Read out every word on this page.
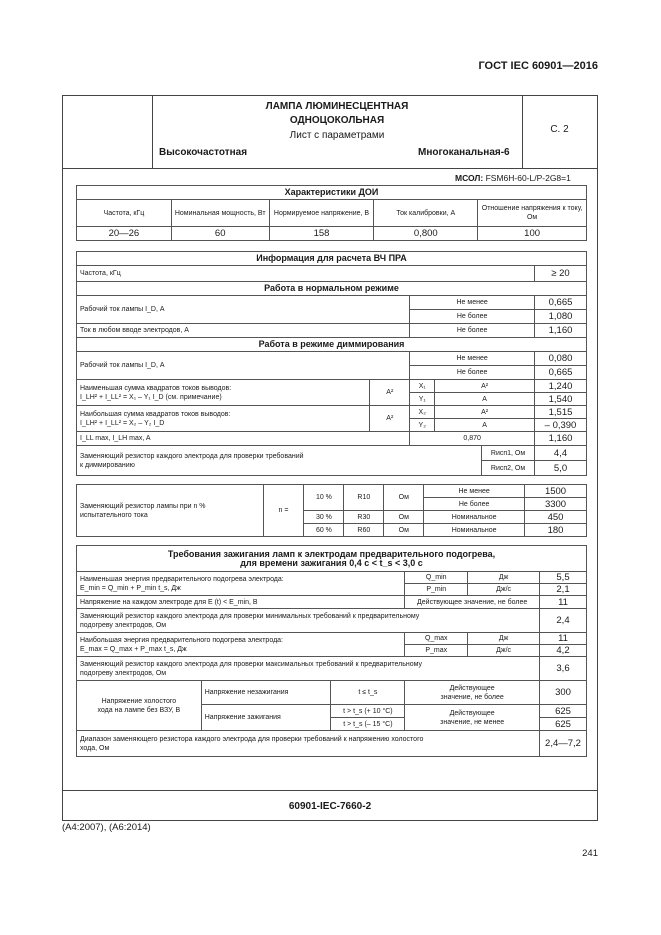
ГОСТ IEC 60901—2016
ЛАМПА ЛЮМИНЕСЦЕНТНАЯ
ОДНОЦОКОЛЬНАЯ
Лист с параметрами
Высокочастотная	Многоканальная-6
С. 2
МСОЛ: FSM6H-60-L/P-2G8=1
60901-IEC-7660-2
Характеристики ДОИ				
Частота, кГц	Номинальная мощность, Вт	Нормируемое напряжение, В	Ток калибровки, А	Отношение напряжения к току, Ом
20—26	60	158	0,800	100
Информация для расчета ВЧ ПРА					
Частота, кГц					≥ 20
Работа в нормальном режиме					
Рабочий ток лампы I_D, А		Не менее			0,665
		Не более			1,080
Ток в любом вводе электродов, А		Не более			1,160
Работа в режиме диммирования					
Рабочий ток лампы I_D, А		Не менее			0,080
		Не более			0,665
Наименьшая сумма квадратов токов выводов:
I_LH² + I_LL² = X₁ – Y₁ I_D (см. примечание)	A²	X₁	A²		1,240
		Y₁	A		1,540
Наибольшая сумма квадратов токов выводов:
I_LH² + I_LL² = X₂ – Y₂ I_D	A²	X₂	A²		1,515
		Y₂	A		– 0,390
I_LL max, I_LH max, A		0,870			1,160
Заменяющий резистор каждого электрода для проверки требований
к диммированию				Rисп1, Ом	4,4
				Rисп2, Ом	5,0
Заменяющий резистор лампы при n %
испытательного тока	n =	10 %	R10	Ом	Не менее	1500
					Не более	3300
		30 %	R30	Ом	Номинальное	450
		60 %	R60	Ом	Номинальное	180
Требования зажигания ламп к электродам предварительного подогрева,
для времени зажигания 0,4 с < t_s < 3,0 с					
Наименьшая энергия предварительного подогрева электрода:
E_min = Q_min + P_min t_s, Дж			Q_min	Дж	5,5
			P_min	Дж/с	2,1
Напряжение на каждом электроде для E (t) < E_min, В			Действующее значение, не более		11
Заменяющий резистор каждого электрода для проверки минимальных требований к предварительному
подогреву электродов, Ом					2,4
Наибольшая энергия предварительного подогрева электрода:
E_max = Q_max + P_max t_s, Дж			Q_max	Дж	11
			P_max	Дж/с	4,2
Заменяющий резистор каждого электрода для проверки максимальных требований к предварительному
подогреву электродов, Ом					3,6
Напряжение холостого
хода на лампе без ВЗУ, В	Напряжение незажигания	t ≤ t_s	Действующее
значение, не более		300
	Напряжение зажигания	t > t_s (+ 10 °C)	Действующее
значение, не менее		625
		t > t_s (– 15 °C)			625
Диапазон заменяющего резистора каждого электрода для проверки требований к напряжению холостого
хода, Ом					2,4—7,2
(А4:2007), (А6:2014)
241
